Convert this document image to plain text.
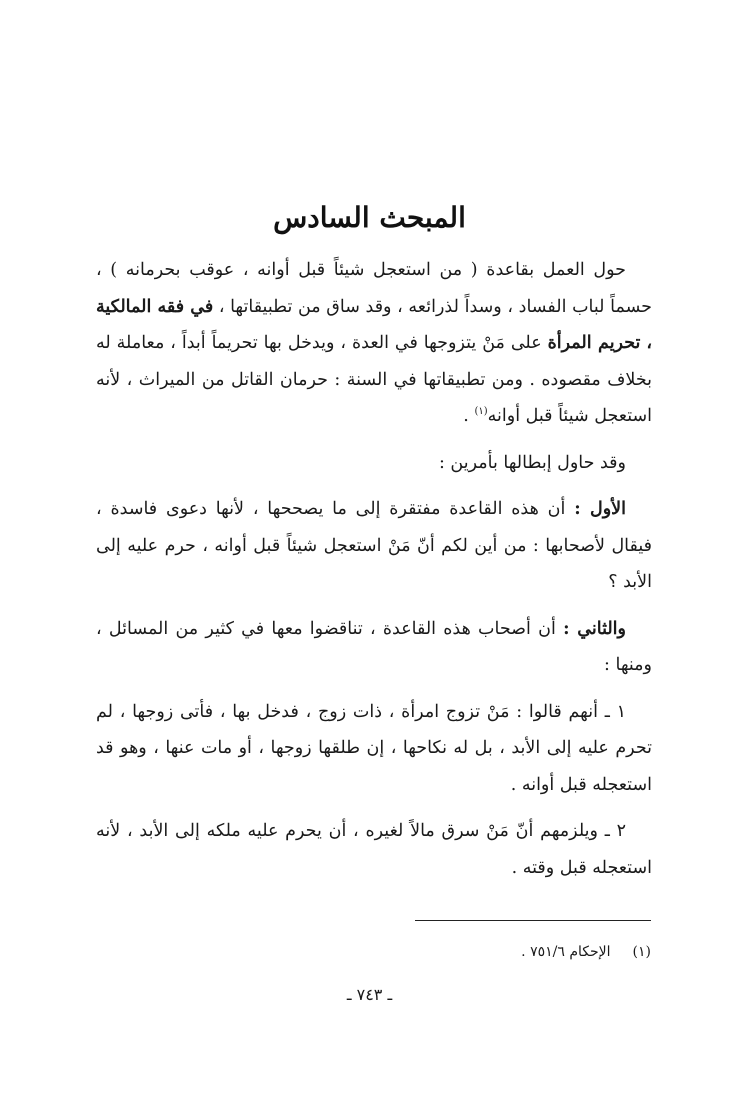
المبحث السادس

حول العمل بقاعدة ( من استعجل شيئاً قبل أوانه ، عوقب بحرمانه ) ، حسماً لباب الفساد ، وسداً لذرائعه ، وقد ساق من تطبيقاتها ، في فقه المالكية ، تحريم المرأة على مَنْ يتزوجها في العدة ، ويدخل بها تحريماً أبداً ، معاملة له بخلاف مقصوده . ومن تطبيقاتها في السنة : حرمان القاتل من الميراث ، لأنه استعجل شيئاً قبل أوانه$^{(١)}$ .

وقد حاول إبطالها بأمرين :

الأول : أن هذه القاعدة مفتقرة إلى ما يصححها ، لأنها دعوى فاسدة ، فيقال لأصحابها : من أين لكم أنّ مَنْ استعجل شيئاً قبل أوانه ، حرم عليه إلى الأبد ؟

والثاني : أن أصحاب هذه القاعدة ، تناقضوا معها في كثير من المسائل ، ومنها :

١ ـ أنهم قالوا : مَنْ تزوج امرأة ، ذات زوج ، فدخل بها ، فأتى زوجها ، لم تحرم عليه إلى الأبد ، بل له نكاحها ، إن طلقها زوجها ، أو مات عنها ، وهو قد استعجله قبل أوانه .

٢ ـ ويلزمهم أنّ مَنْ سرق مالاً لغيره ، أن يحرم عليه ملكه إلى الأبد ، لأنه استعجله قبل وقته .

(١)الإحكام ٧٥١/٦ .
ـ ٧٤٣ ـ
